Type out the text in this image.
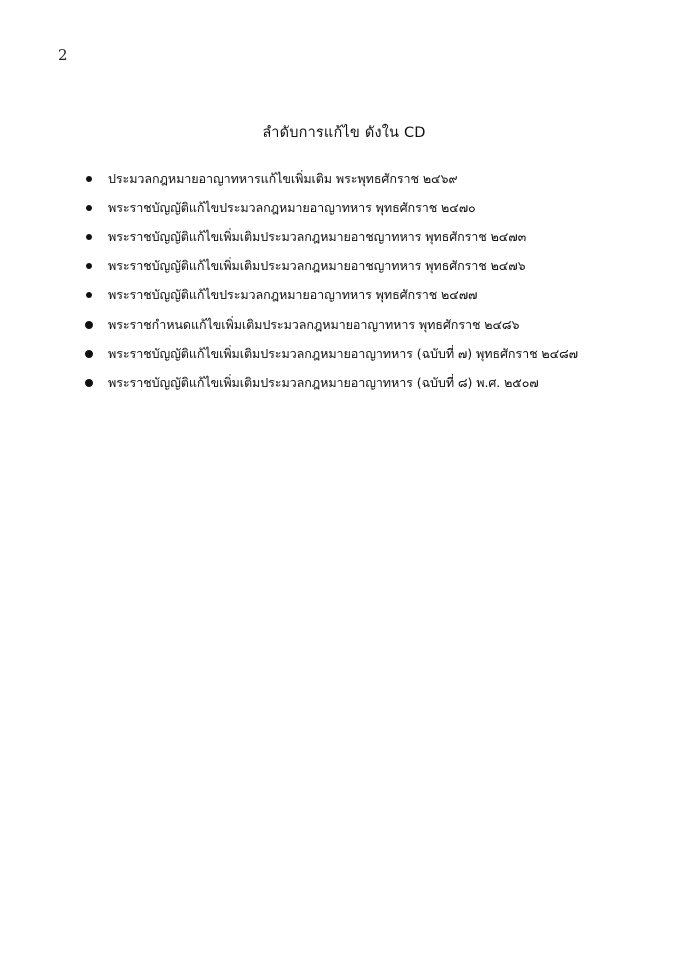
2
ลำดับการแก้ไข ดังใน CD
ประมวลกฎหมายอาญาทหารแก้ไขเพิ่มเติม พระพุทธศักราช ๒๔๖๙
พระราชบัญญัติแก้ไขประมวลกฎหมายอาญาทหาร พุทธศักราช ๒๔๗๐
พระราชบัญญัติแก้ไขเพิ่มเติมประมวลกฎหมายอาชญาทหาร พุทธศักราช ๒๔๗๓
พระราชบัญญัติแก้ไขเพิ่มเติมประมวลกฎหมายอาชญาทหาร พุทธศักราช ๒๔๗๖
พระราชบัญญัติแก้ไขประมวลกฎหมายอาญาทหาร พุทธศักราช ๒๔๗๗
พระราชกำหนดแก้ไขเพิ่มเติมประมวลกฎหมายอาญาทหาร พุทธศักราช ๒๔๘๖
พระราชบัญญัติแก้ไขเพิ่มเติมประมวลกฎหมายอาญาทหาร (ฉบับที่ ๗) พุทธศักราช ๒๔๘๗
พระราชบัญญัติแก้ไขเพิ่มเติมประมวลกฎหมายอาญาทหาร (ฉบับที่ ๘) พ.ศ. ๒๕๐๗
